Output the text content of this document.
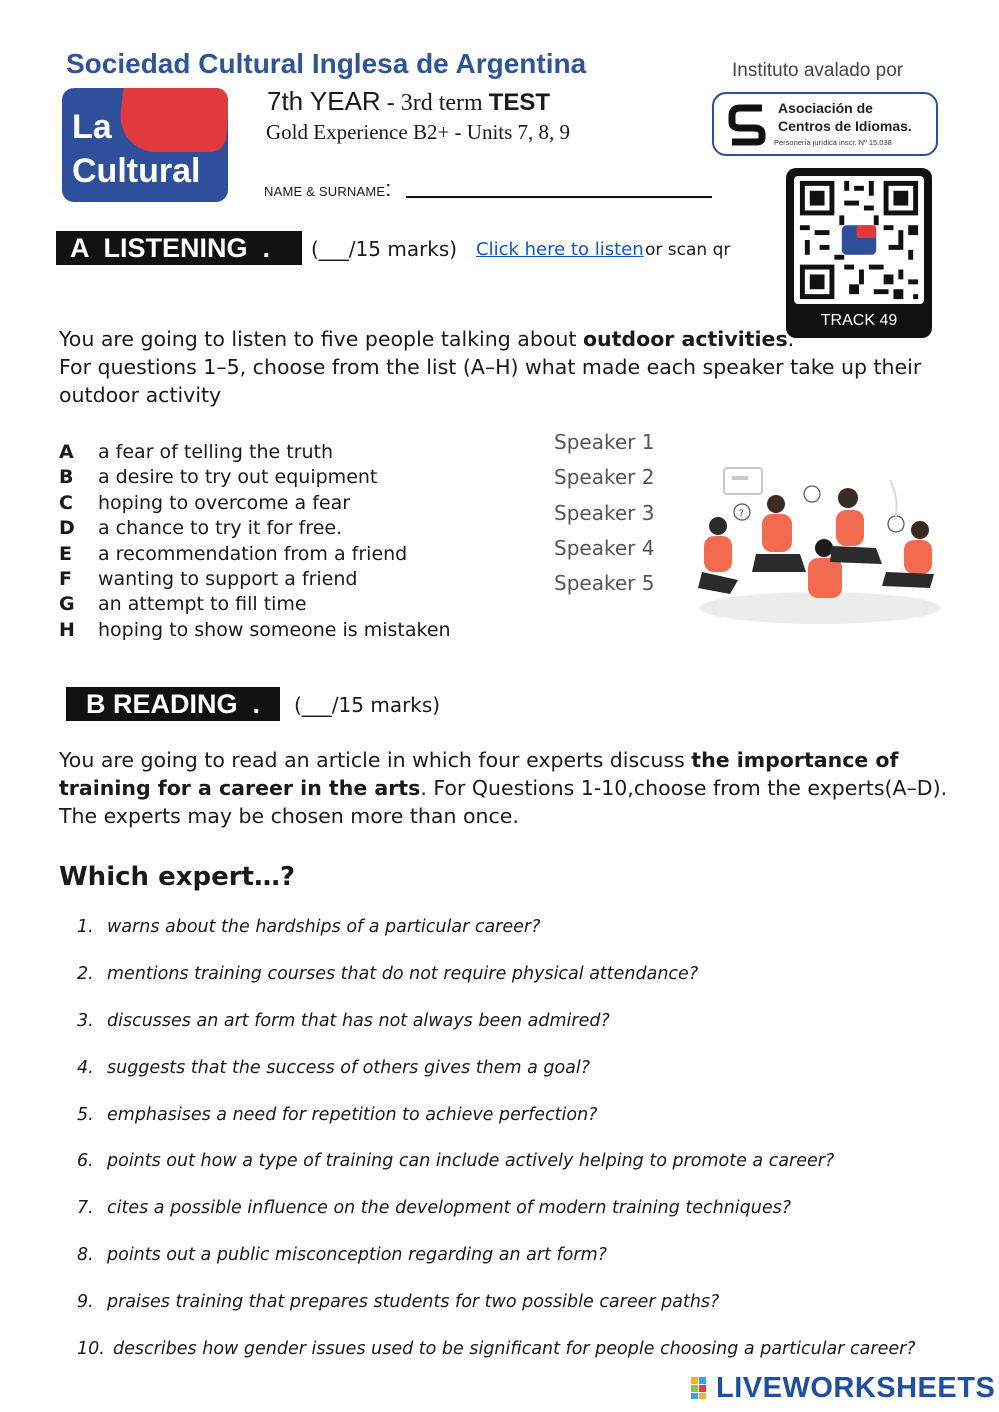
Sociedad Cultural Inglesa de Argentina
La
Cultural
7th YEAR - 3rd term TEST
Gold Experience B2+ - Units 7, 8, 9
NAME & SURNAME:
Instituto avalado por
Asociación de
Centros de Idiomas.
Personería jurídica inscr. Nº 15.038
TRACK 49
A  LISTENING  .	(___/15 marks) Click here to listen or scan qr
You are going to listen to five people talking about outdoor activities.
For questions 1–5, choose from the list (A–H) what made each speaker take up their outdoor activity
A a fear of telling the truth
B a desire to try out equipment
C hoping to overcome a fear
D a chance to try it for free.
E a recommendation from a friend
F wanting to support a friend
G an attempt to fill time
H hoping to show someone is mistaken
Speaker 1
Speaker 2
Speaker 3
Speaker 4
Speaker 5
?
B READING  .	(___/15 marks)
You are going to read an article in which four experts discuss the importance of training for a career in the arts. For Questions 1-10,choose from the experts(A–D). The experts may be chosen more than once.
Which expert…?
1. warns about the hardships of a particular career?
2. mentions training courses that do not require physical attendance?
3. discusses an art form that has not always been admired?
4. suggests that the success of others gives them a goal?
5. emphasises a need for repetition to achieve perfection?
6. points out how a type of training can include actively helping to promote a career?
7. cites a possible influence on the development of modern training techniques?
8. points out a public misconception regarding an art form?
9. praises training that prepares students for two possible career paths?
10. describes how gender issues used to be significant for people choosing a particular career?
LIVEWORKSHEETS
